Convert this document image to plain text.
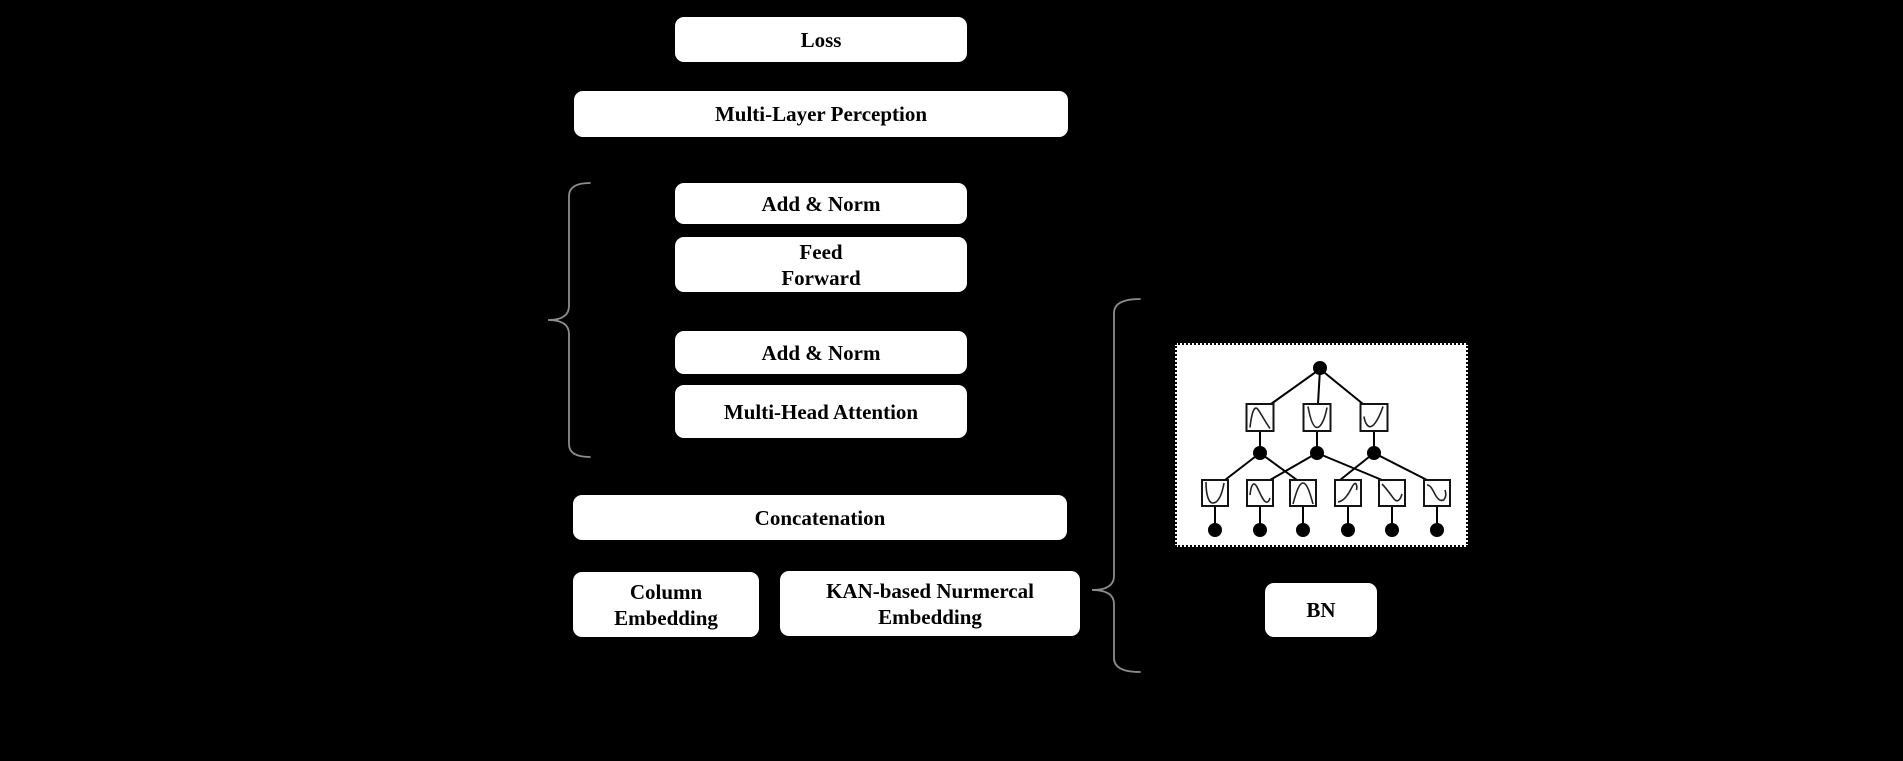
Loss
Multi-Layer Perception
Add & Norm
Feed
Forward
Add & Norm
Multi-Head Attention
Concatenation
Column
Embedding
KAN-based Nurmercal
Embedding	BN
